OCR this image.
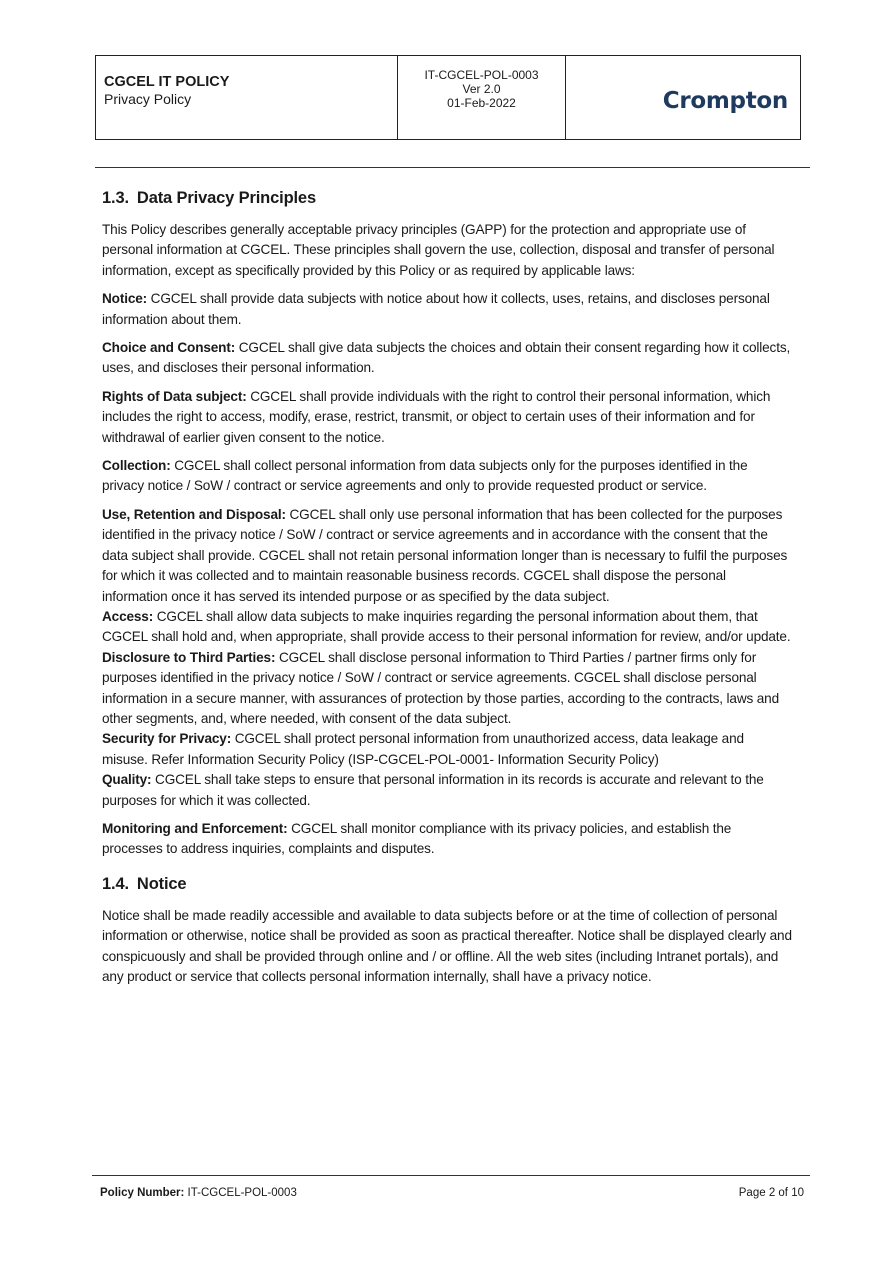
CGCEL IT POLICY
Privacy Policy
IT-CGCEL-POL-0003
Ver 2.0
01-Feb-2022	Crompton
1.3. Data Privacy Principles

This Policy describes generally acceptable privacy principles (GAPP) for the protection and appropriate use of personal information at CGCEL. These principles shall govern the use, collection, disposal and transfer of personal information, except as specifically provided by this Policy or as required by applicable laws:

Notice: CGCEL shall provide data subjects with notice about how it collects, uses, retains, and discloses personal information about them.

Choice and Consent: CGCEL shall give data subjects the choices and obtain their consent regarding how it collects, uses, and discloses their personal information.

Rights of Data subject: CGCEL shall provide individuals with the right to control their personal information, which includes the right to access, modify, erase, restrict, transmit, or object to certain uses of their information and for withdrawal of earlier given consent to the notice.

Collection: CGCEL shall collect personal information from data subjects only for the purposes identified in the privacy notice / SoW / contract or service agreements and only to provide requested product or service.

Use, Retention and Disposal: CGCEL shall only use personal information that has been collected for the purposes identified in the privacy notice / SoW / contract or service agreements and in accordance with the consent that the data subject shall provide. CGCEL shall not retain personal information longer than is necessary to fulfil the purposes for which it was collected and to maintain reasonable business records. CGCEL shall dispose the personal information once it has served its intended purpose or as specified by the data subject.

Access: CGCEL shall allow data subjects to make inquiries regarding the personal information about them, that CGCEL shall hold and, when appropriate, shall provide access to their personal information for review, and/or update.

Disclosure to Third Parties: CGCEL shall disclose personal information to Third Parties / partner firms only for purposes identified in the privacy notice / SoW / contract or service agreements. CGCEL shall disclose personal information in a secure manner, with assurances of protection by those parties, according to the contracts, laws and other segments, and, where needed, with consent of the data subject.

Security for Privacy: CGCEL shall protect personal information from unauthorized access, data leakage and misuse. Refer Information Security Policy (ISP-CGCEL-POL-0001- Information Security Policy)

Quality: CGCEL shall take steps to ensure that personal information in its records is accurate and relevant to the purposes for which it was collected.

Monitoring and Enforcement: CGCEL shall monitor compliance with its privacy policies, and establish the processes to address inquiries, complaints and disputes.

1.4. Notice

Notice shall be made readily accessible and available to data subjects before or at the time of collection of personal information or otherwise, notice shall be provided as soon as practical thereafter. Notice shall be displayed clearly and conspicuously and shall be provided through online and / or offline. All the web sites (including Intranet portals), and any product or service that collects personal information internally, shall have a privacy notice.

Policy Number: IT-CGCEL-POL-0003	Page 2 of 10
